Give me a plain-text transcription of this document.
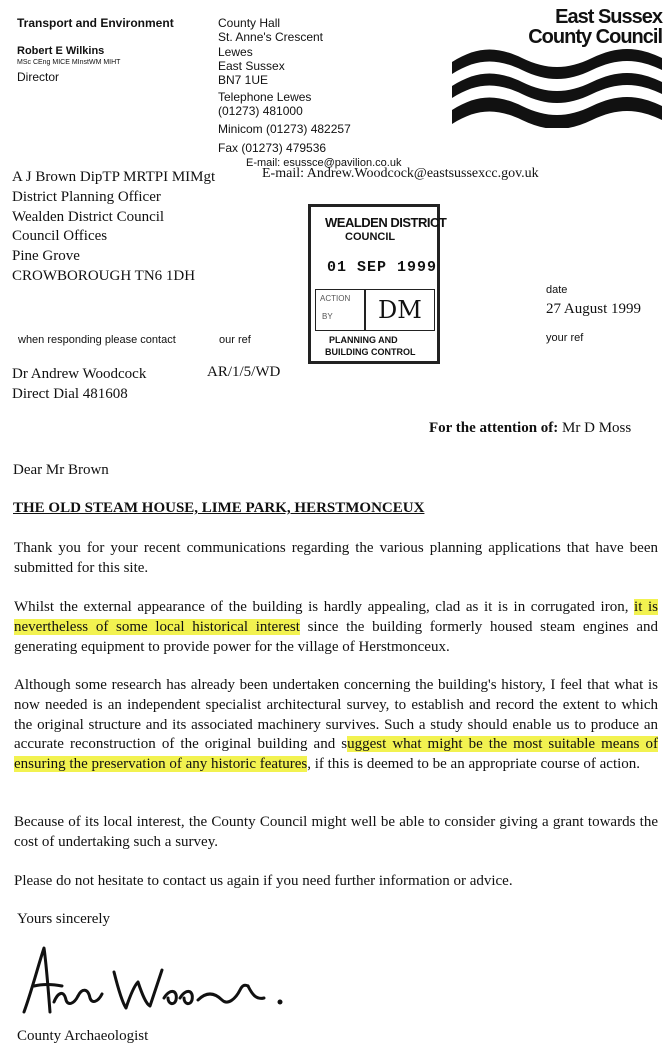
Transport and Environment
Robert E Wilkins
MSc CEng MICE MInstWM MIHT
Director
County Hall
St. Anne's Crescent
Lewes
East Sussex
BN7 1UE
Telephone Lewes
(01273) 481000
Minicom (01273) 482257
Fax (01273) 479536
E-mail: esussce@pavilion.co.uk
E-mail: Andrew.Woodcock@eastsussexcc.gov.uk
East Sussex
County Council
A J Brown DipTP MRTPI MIMgt
District Planning Officer
Wealden District Council
Council Offices
Pine Grove
CROWBOROUGH TN6 1DH
WEALDEN DISTRICT
COUNCIL
01 SEP 1999
ACTION
BY DM
PLANNING AND
BUILDING CONTROL
date
27 August 1999
when responding please contact	our ref	your ref
Dr Andrew Woodcock
Direct Dial 481608
AR/1/5/WD
For the attention of: Mr D Moss
Dear Mr Brown
THE OLD STEAM HOUSE, LIME PARK, HERSTMONCEUX
Thank you for your recent communications regarding the various planning applications that have been submitted for this site.
Whilst the external appearance of the building is hardly appealing, clad as it is in corrugated iron, it is nevertheless of some local historical interest since the building formerly housed steam engines and generating equipment to provide power for the village of Herstmonceux.
Although some research has already been undertaken concerning the building's history, I feel that what is now needed is an independent specialist architectural survey, to establish and record the extent to which the original structure and its associated machinery survives. Such a study should enable us to produce an accurate reconstruction of the original building and suggest what might be the most suitable means of ensuring the preservation of any historic features, if this is deemed to be an appropriate course of action.
Because of its local interest, the County Council might well be able to consider giving a grant towards the cost of undertaking such a survey.
Please do not hesitate to contact us again if you need further information or advice.
Yours sincerely
County Archaeologist
